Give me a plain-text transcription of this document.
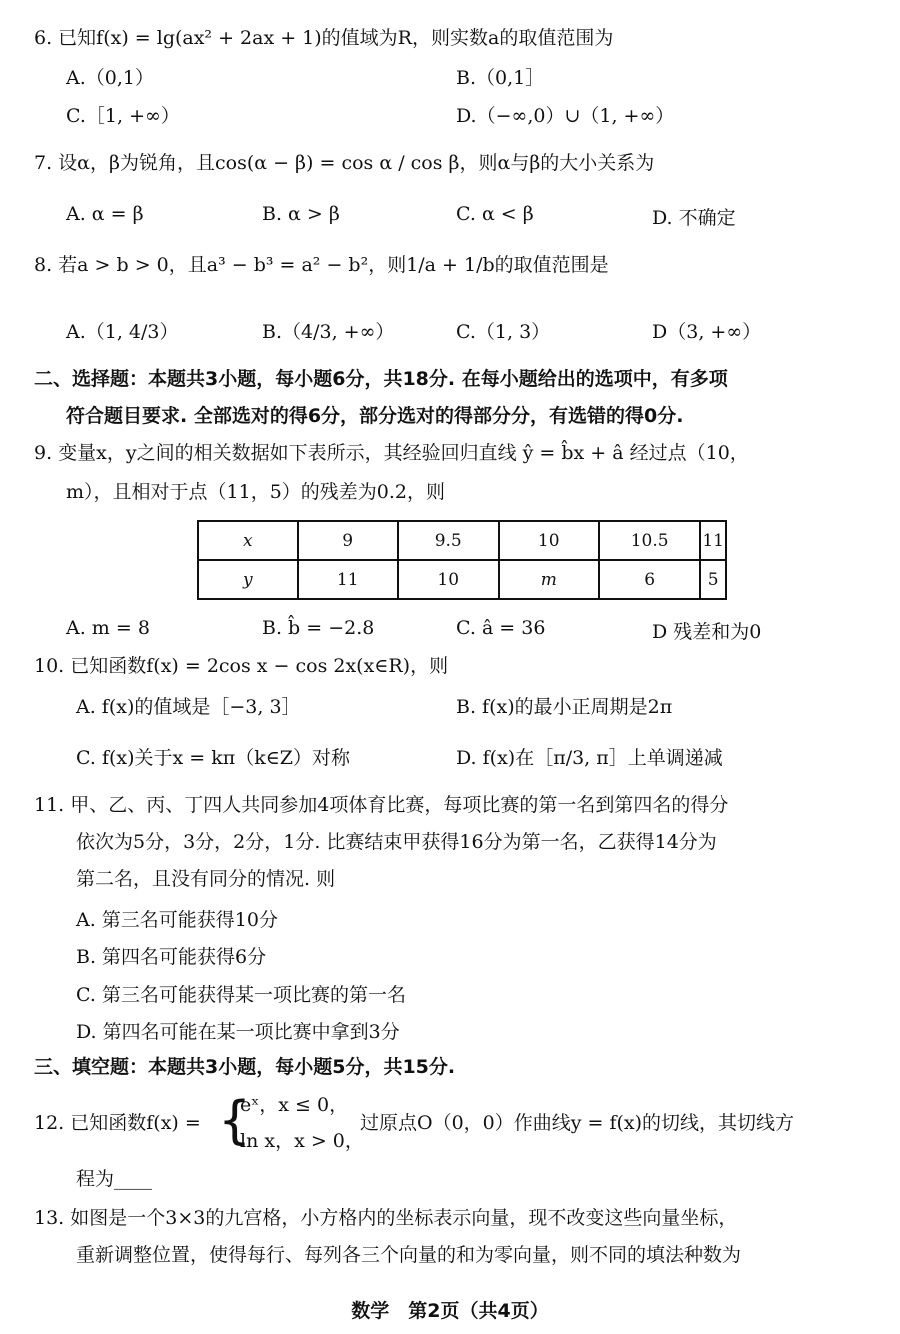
6. 已知f(x) = lg(ax² + 2ax + 1)的值域为R，则实数a的取值范围为
A.（0,1）	B.（0,1］
C.［1, +∞）	D.（−∞,0）∪（1, +∞）
7. 设α，β为锐角，且cos(α − β) = cos α / cos β，则α与β的大小关系为
A. α = β	B. α > β	C. α < β	D. 不确定
8. 若a > b > 0，且a³ − b³ = a² − b²，则1/a + 1/b的取值范围是
A.（1, 4/3）	B.（4/3, +∞）	C.（1, 3）	D（3, +∞）
二、选择题：本题共3小题，每小题6分，共18分. 在每小题给出的选项中，有多项
符合题目要求. 全部选对的得6分，部分选对的得部分分，有选错的得0分.
9. 变量x，y之间的相关数据如下表所示，其经验回归直线 ŷ = b̂x + â 经过点（10，
m），且相对于点（11，5）的残差为0.2，则
x	9	9.5	10	10.5	11
y	11	10	m	6	5
A. m = 8	B. b̂ = −2.8	C. â = 36	D 残差和为0
10. 已知函数f(x) = 2cos x − cos 2x(x∈R)，则
A. f(x)的值域是［−3, 3］	B. f(x)的最小正周期是2π
C. f(x)关于x = kπ（k∈Z）对称	D. f(x)在［π/3, π］上单调递减
11. 甲、乙、丙、丁四人共同参加4项体育比赛，每项比赛的第一名到第四名的得分
依次为5分，3分，2分，1分. 比赛结束甲获得16分为第一名，乙获得14分为
第二名，且没有同分的情况. 则
A. 第三名可能获得10分
B. 第四名可能获得6分
C. 第三名可能获得某一项比赛的第一名
D. 第四名可能在某一项比赛中拿到3分
三、填空题：本题共3小题，每小题5分，共15分.
12. 已知函数f(x) = {
eˣ，x ≤ 0，
ln x，x > 0，
过原点O（0，0）作曲线y = f(x)的切线，其切线方
程为____
13. 如图是一个3×3的九宫格，小方格内的坐标表示向量，现不改变这些向量坐标，
重新调整位置，使得每行、每列各三个向量的和为零向量，则不同的填法种数为
数学　第2页（共4页）
